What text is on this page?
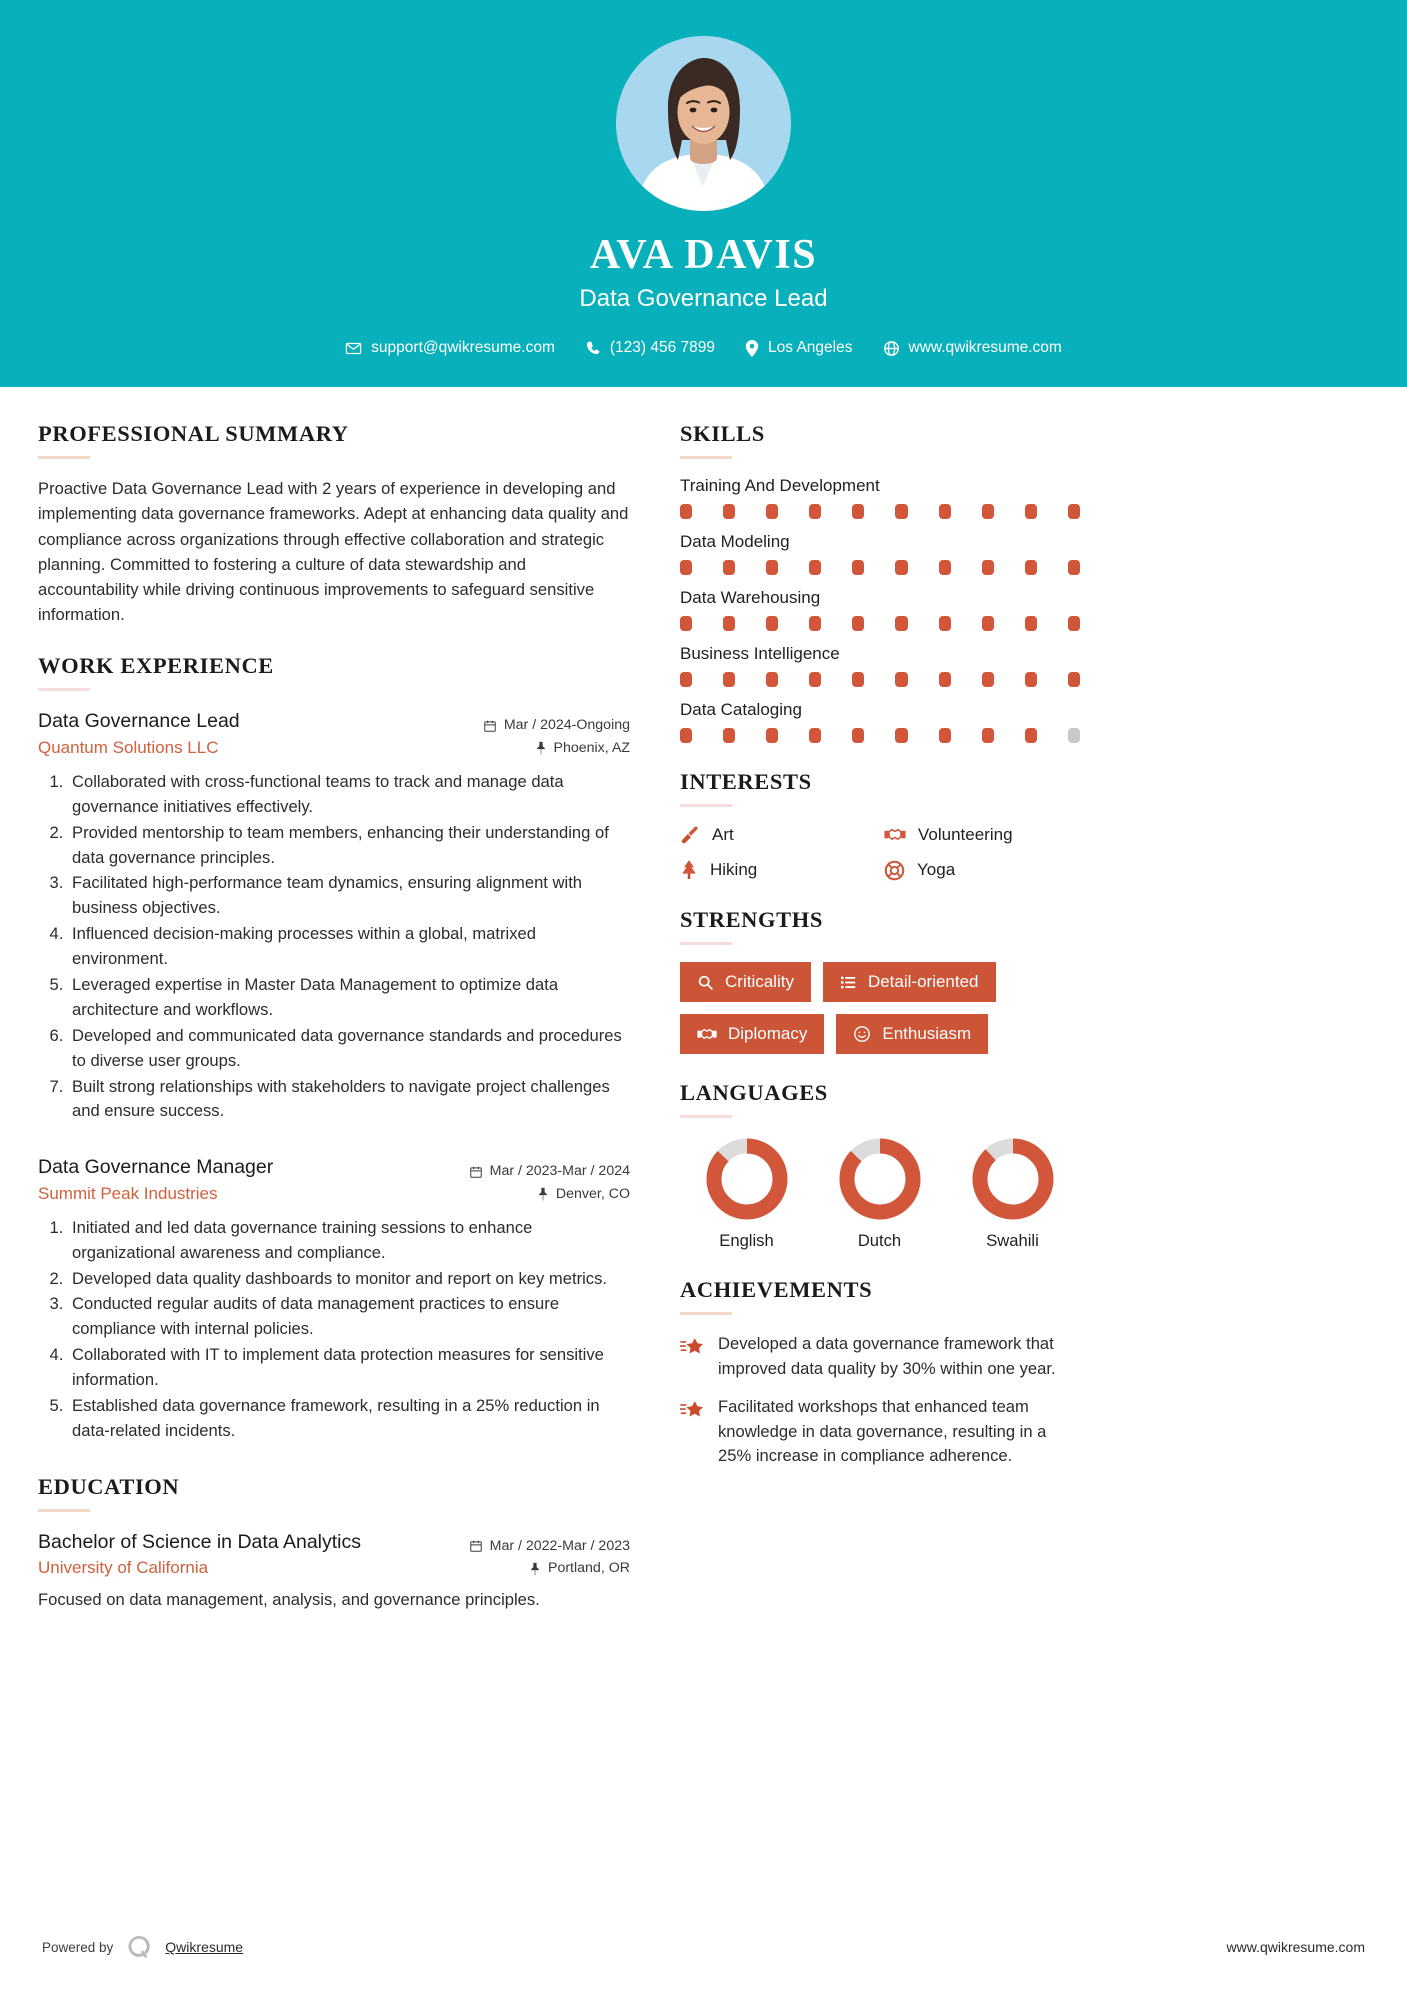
AVA DAVIS
Data Governance Lead
support@qwikresume.com	(123) 456 7899	Los Angeles	www.qwikresume.com
PROFESSIONAL SUMMARY
Proactive Data Governance Lead with 2 years of experience in developing and implementing data governance frameworks. Adept at enhancing data quality and compliance across organizations through effective collaboration and strategic planning. Committed to fostering a culture of data stewardship and accountability while driving continuous improvements to safeguard sensitive information.
WORK EXPERIENCE
Data Governance Lead
Quantum Solutions LLC
Mar / 2024-Ongoing
Phoenix, AZ
1. Collaborated with cross-functional teams to track and manage data governance initiatives effectively.
2. Provided mentorship to team members, enhancing their understanding of data governance principles.
3. Facilitated high-performance team dynamics, ensuring alignment with business objectives.
4. Influenced decision-making processes within a global, matrixed environment.
5. Leveraged expertise in Master Data Management to optimize data architecture and workflows.
6. Developed and communicated data governance standards and procedures to diverse user groups.
7. Built strong relationships with stakeholders to navigate project challenges and ensure success.
Data Governance Manager
Summit Peak Industries
Mar / 2023-Mar / 2024
Denver, CO
1. Initiated and led data governance training sessions to enhance organizational awareness and compliance.
2. Developed data quality dashboards to monitor and report on key metrics.
3. Conducted regular audits of data management practices to ensure compliance with internal policies.
4. Collaborated with IT to implement data protection measures for sensitive information.
5. Established data governance framework, resulting in a 25% reduction in data-related incidents.
EDUCATION
Bachelor of Science in Data Analytics
University of California
Mar / 2022-Mar / 2023
Portland, OR
Focused on data management, analysis, and governance principles.
SKILLS
Training And Development
Data Modeling
Data Warehousing
Business Intelligence
Data Cataloging
INTERESTS
Art	Volunteering
Hiking	Yoga
STRENGTHS
Criticality	Detail-oriented
Diplomacy	Enthusiasm
LANGUAGES
English	Dutch	Swahili
ACHIEVEMENTS
Developed a data governance framework that improved data quality by 30% within one year.
Facilitated workshops that enhanced team knowledge in data governance, resulting in a 25% increase in compliance adherence.
Powered by	Qwikresume	www.qwikresume.com
